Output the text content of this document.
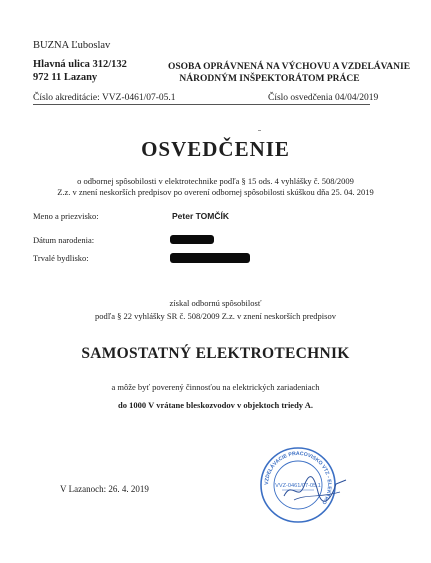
BUZNA Ľuboslav
Hlavná ulica 312/132
972 11 Lazany
OSOBA OPRÁVNENÁ NA VÝCHOVU A VZDELÁVANIE
NÁRODNÝM INŠPEKTORÁTOM PRÁCE
Číslo akreditácie: VVZ-0461/07-05.1	Číslo osvedčenia 04/04/2019
OSVEDČENIE
o odbornej spôsobilosti v elektrotechnike podľa § 15 ods. 4 vyhlášky č. 508/2009
Z.z. v znení neskorších predpisov po overení odbornej spôsobilosti skúškou dňa 25. 04. 2019
Meno a priezvisko:	Peter TOMČÍK
Dátum narodenia:
Trvalé bydlisko:
získal odbornú spôsobilosť
podľa § 22 vyhlášky SR č. 508/2009 Z.z. v znení neskorších predpisov
SAMOSTATNÝ ELEKTROTECHNIK
a môže byť poverený činnosťou na elektrických zariadeniach
do 1000 V vrátane bleskozvodov v objektoch triedy A.
V Lazanoch: 26. 4. 2019
VZDELÁVACIE PRACOVISKO VTZ - ELEKTRO
VVZ-0461/07-05.1
